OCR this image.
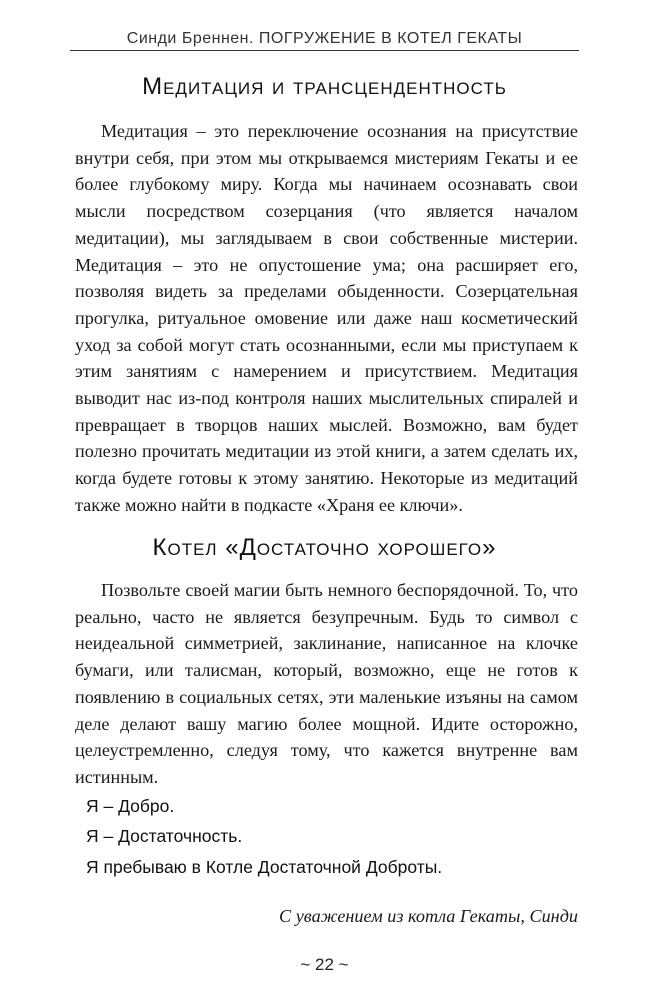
Синди Бреннен. ПОГРУЖЕНИЕ В КОТЕЛ ГЕКАТЫ
Медитация и трансцендентность
Медитация – это переключение осознания на присутствие внутри себя, при этом мы открываемся мистериям Гекаты и ее более глубокому миру. Когда мы начинаем осознавать свои мысли посредством созерцания (что является началом медитации), мы заглядываем в свои собственные мистерии. Медитация – это не опустошение ума; она расширяет его, позволяя видеть за пределами обыденности. Созерцательная прогулка, ритуальное омовение или даже наш косметический уход за собой могут стать осознанными, если мы приступаем к этим занятиям с намерением и присутствием. Медитация выводит нас из-под контроля наших мыслительных спиралей и превращает в творцов наших мыслей. Возможно, вам будет полезно прочитать медитации из этой книги, а затем сделать их, когда будете готовы к этому занятию. Некоторые из медитаций также можно найти в подкасте «Храня ее ключи».
Котел «Достаточно хорошего»
Позвольте своей магии быть немного беспорядочной. То, что реально, часто не является безупречным. Будь то символ с неидеальной симметрией, заклинание, написанное на клочке бумаги, или талисман, который, возможно, еще не готов к появлению в социальных сетях, эти маленькие изъяны на самом деле делают вашу магию более мощной. Идите осторожно, целеустремленно, следуя тому, что кажется внутренне вам истинным.
Я – Добро.
Я – Достаточность.
Я пребываю в Котле Достаточной Доброты.
С уважением из котла Гекаты, Синди
~ 22 ~
